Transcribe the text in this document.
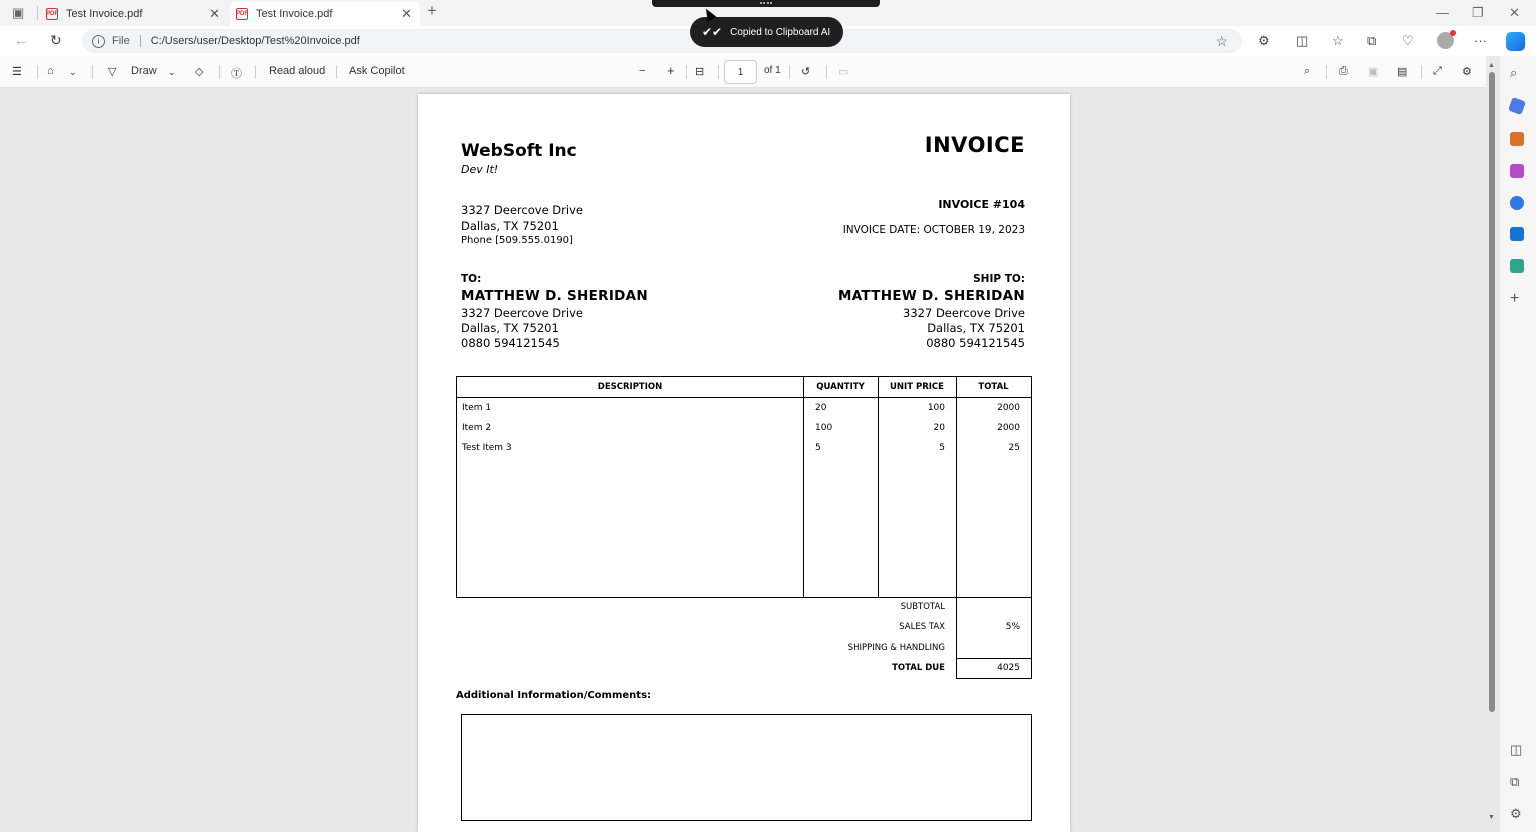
▣	PDF Test Invoice.pdf	✕	PDF Test Invoice.pdf	✕ +	— ❐ ✕
✔✔ Copied to Clipboard AI
← ↻	i	File C:/Users/user/Desktop/Test%20Invoice.pdf	☆ ⚙ ◫ ☆ ⧉ ♡	···
☰ ⌂ ⌄	▽ Draw ⌄ ◇	Ⓣ Read aloud Ask Copilot	− + ⊟	1 of 1 ↺	▭	⌕	⎙ ▣ ▤ ⤢ ⚙
▲
▼
⌕
+
◫
⧉
⚙
WebSoft Inc
Dev It!
INVOICE
3327 Deercove Drive
Dallas, TX 75201
Phone [509.555.0190]
INVOICE #104
INVOICE DATE: OCTOBER 19, 2023
TO:
MATTHEW D. SHERIDAN
3327 Deercove Drive
Dallas, TX 75201
0880 594121545
SHIP TO:
MATTHEW D. SHERIDAN
3327 Deercove Drive
Dallas, TX 75201
0880 594121545
DESCRIPTION	QUANTITY	UNIT PRICE	TOTAL
Item 1	20	100	2000
Item 2	100	20	2000
Test Item 3	5	5	25
SUBTOTAL
SALES TAX	5%
SHIPPING & HANDLING
TOTAL DUE	4025
Additional Information/Comments:
